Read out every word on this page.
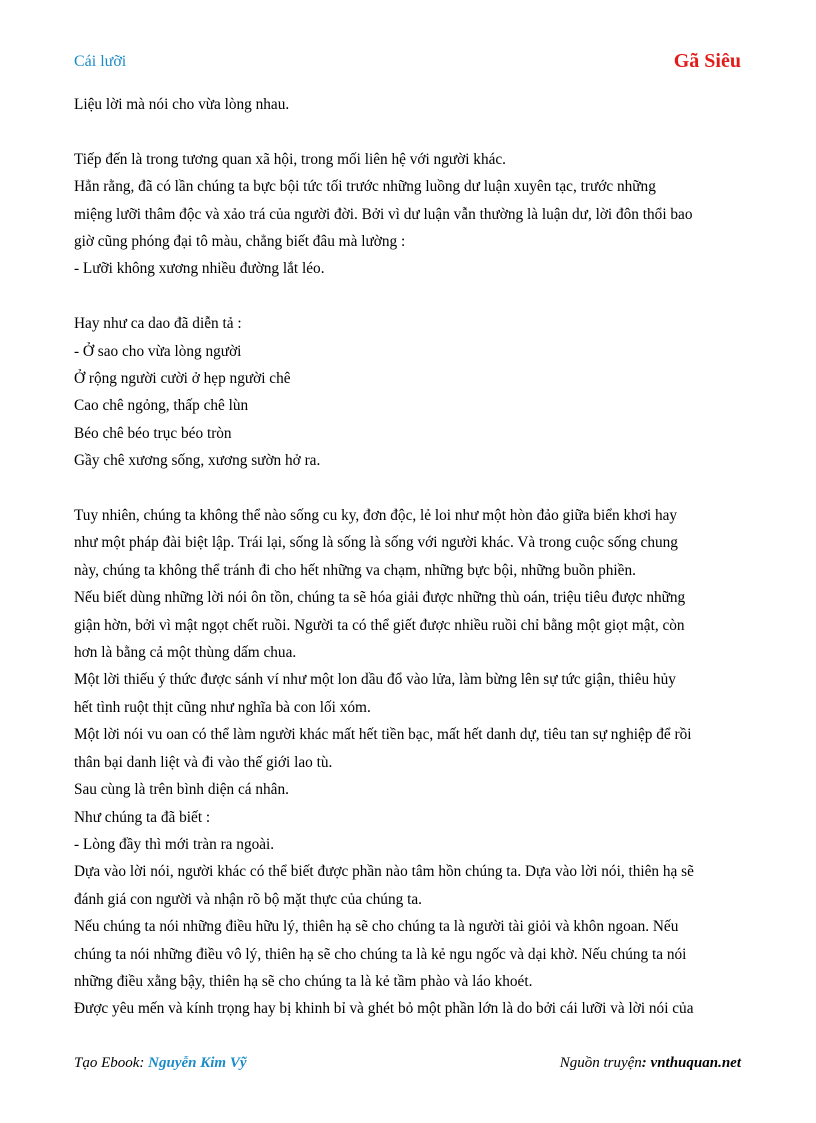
Cái lưỡi	Gã Siêu

Liệu lời mà nói cho vừa lòng nhau.

Tiếp đến là trong tương quan xã hội, trong mối liên hệ với người khác.

Hẳn rằng, đã có lần chúng ta bực bội tức tối trước những luồng dư luận xuyên tạc, trước những

miệng lưỡi thâm độc và xảo trá của người đời. Bởi vì dư luận vẫn thường là luận dư, lời đôn thổi bao

giờ cũng phóng đại tô màu, chẳng biết đâu mà lường :

- Lưỡi không xương nhiều đường lắt léo.

Hay như ca dao đã diễn tả :

- Ở sao cho vừa lòng người

Ở rộng người cười ở hẹp người chê

Cao chê ngỏng, thấp chê lùn

Béo chê béo trục béo tròn

Gầy chê xương sống, xương sườn hở ra.

Tuy nhiên, chúng ta không thể nào sống cu ky, đơn độc, lẻ loi như một hòn đảo giữa biển khơi hay

như một pháp đài biệt lập. Trái lại, sống là sống là sống với người khác. Và trong cuộc sống chung

này, chúng ta không thể tránh đi cho hết những va chạm, những bực bội, những buồn phiền.

Nếu biết dùng những lời nói ôn tồn, chúng ta sẽ hóa giải được những thù oán, triệu tiêu được những

giận hờn, bởi vì mật ngọt chết ruồi. Người ta có thể giết được nhiều ruồi chỉ bằng một giọt mật, còn

hơn là bằng cả một thùng dấm chua.

Một lời thiếu ý thức được sánh ví như một lon dầu đổ vào lửa, làm bừng lên sự tức giận, thiêu hủy

hết tình ruột thịt cũng như nghĩa bà con lối xóm.

Một lời nói vu oan có thể làm người khác mất hết tiền bạc, mất hết danh dự, tiêu tan sự nghiệp để rồi

thân bại danh liệt và đi vào thế giới lao tù.

Sau cùng là trên bình diện cá nhân.

Như chúng ta đã biết :

- Lòng đầy thì mới tràn ra ngoài.

Dựa vào lời nói, người khác có thể biết được phần nào tâm hồn chúng ta. Dựa vào lời nói, thiên hạ sẽ

đánh giá con người và nhận rõ bộ mặt thực của chúng ta.

Nếu chúng ta nói những điều hữu lý, thiên hạ sẽ cho chúng ta là người tài giỏi và khôn ngoan. Nếu

chúng ta nói những điều vô lý, thiên hạ sẽ cho chúng ta là kẻ ngu ngốc và dại khờ. Nếu chúng ta nói

những điều xằng bậy, thiên hạ sẽ cho chúng ta là kẻ tầm phào và láo khoét.

Được yêu mến và kính trọng hay bị khinh bỉ và ghét bỏ một phần lớn là do bởi cái lưỡi và lời nói của

Tạo Ebook: Nguyễn Kim Vỹ	Nguồn truyện: vnthuquan.net
